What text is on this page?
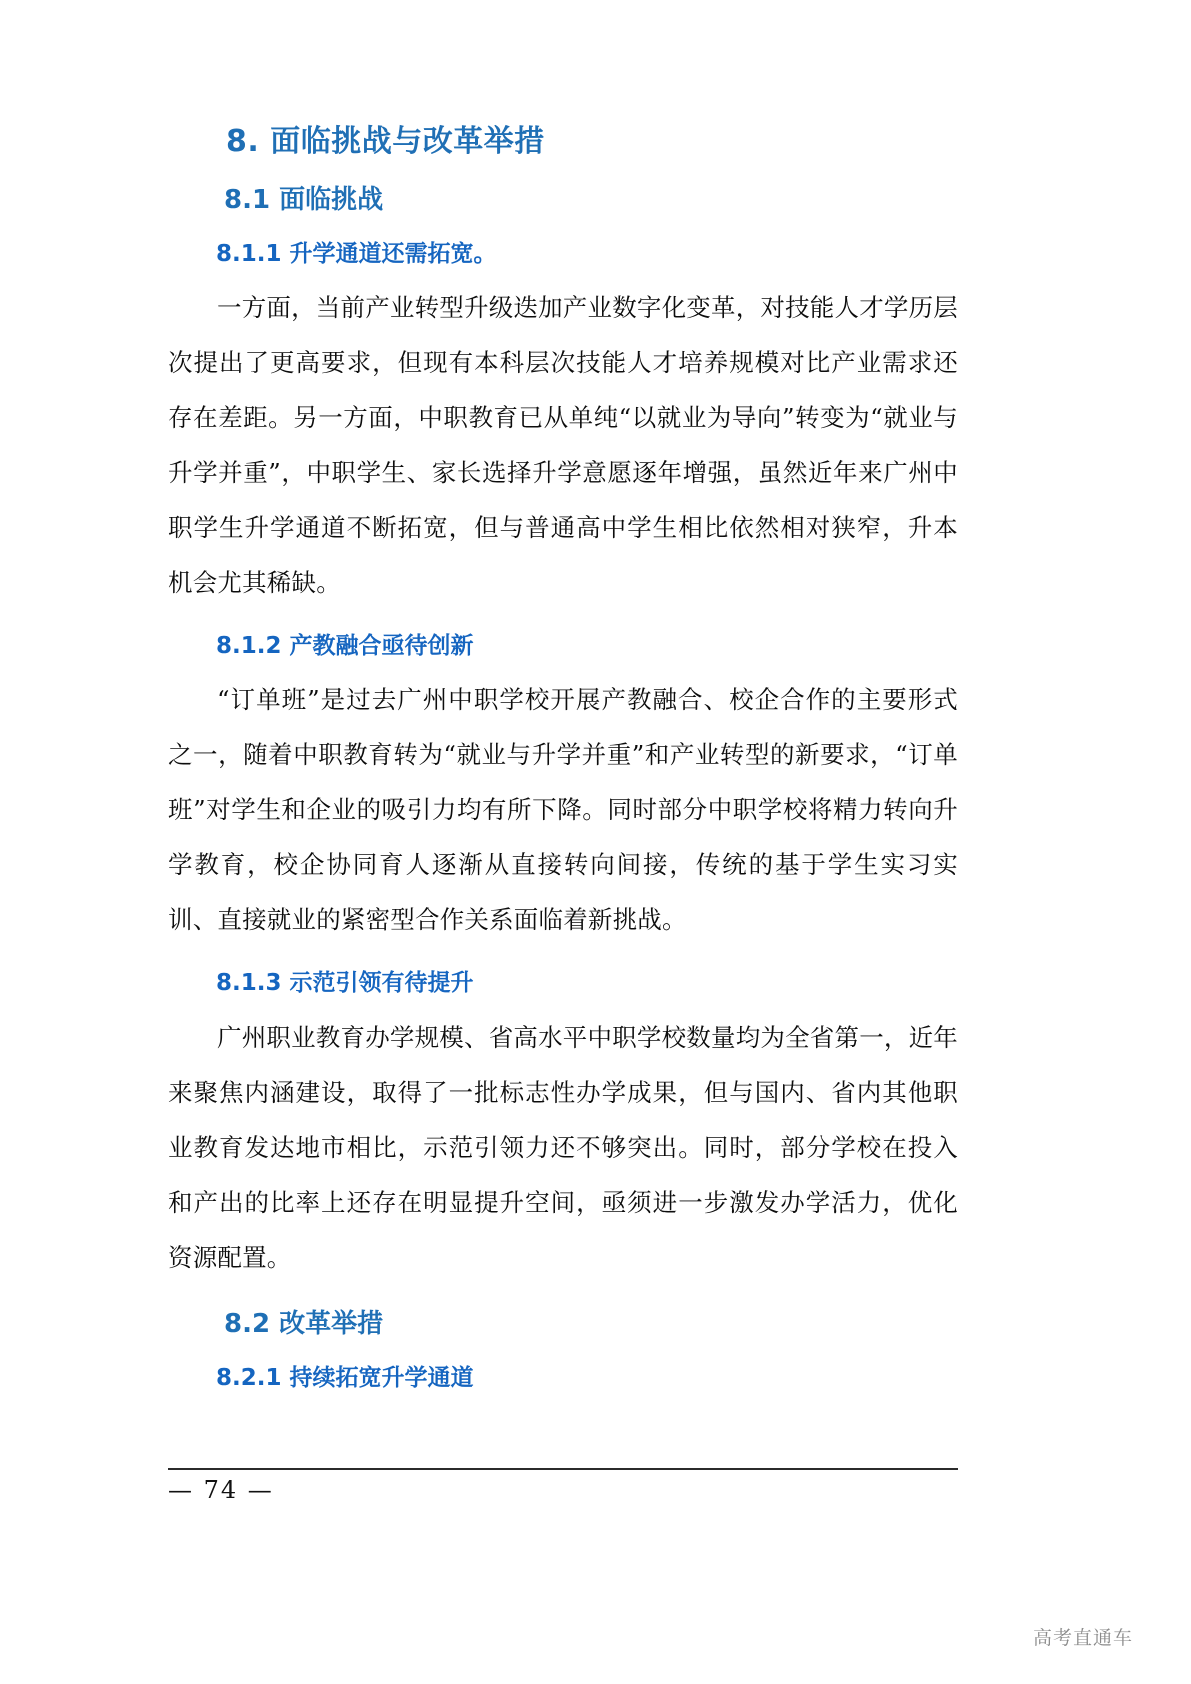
8. 面临挑战与改革举措
8.1 面临挑战
8.1.1 升学通道还需拓宽。

一方面，当前产业转型升级迭加产业数字化变革，对技能人才学历层次提出了更高要求，但现有本科层次技能人才培养规模对比产业需求还存在差距。另一方面，中职教育已从单纯“以就业为导向”转变为“就业与升学并重”，中职学生、家长选择升学意愿逐年增强，虽然近年来广州中职学生升学通道不断拓宽，但与普通高中学生相比依然相对狭窄，升本机会尤其稀缺。

8.1.2 产教融合亟待创新

“订单班”是过去广州中职学校开展产教融合、校企合作的主要形式之一，随着中职教育转为“就业与升学并重”和产业转型的新要求，“订单班”对学生和企业的吸引力均有所下降。同时部分中职学校将精力转向升学教育，校企协同育人逐渐从直接转向间接，传统的基于学生实习实训、直接就业的紧密型合作关系面临着新挑战。

8.1.3 示范引领有待提升

广州职业教育办学规模、省高水平中职学校数量均为全省第一，近年来聚焦内涵建设，取得了一批标志性办学成果，但与国内、省内其他职业教育发达地市相比，示范引领力还不够突出。同时，部分学校在投入和产出的比率上还存在明显提升空间，亟须进一步激发办学活力，优化资源配置。

8.2 改革举措
8.2.1 持续拓宽升学通道
— 74 —
高考直通车
